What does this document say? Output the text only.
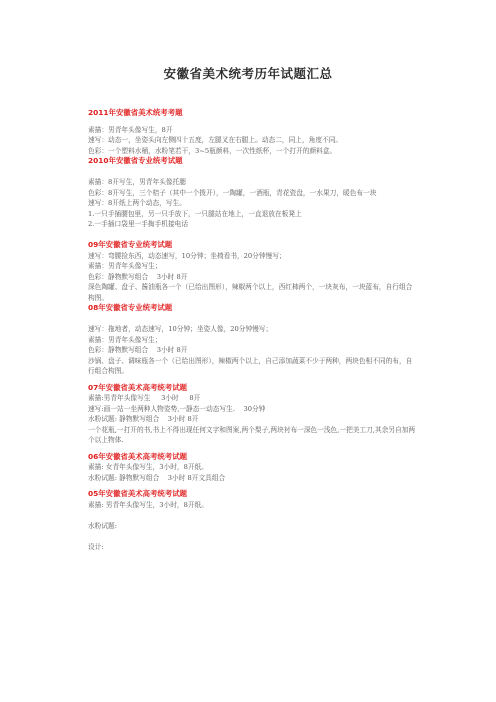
安徽省美术统考历年试题汇总
2011年安徽省美术统考考题
素描：男青年头像写生，8开
速写：动态一，坐姿头向左侧四十五度，左腿叉在右腿上。动态二，同上，角度不同。
色彩：一个塑料水桶，水粉笔若干，3~5瓶颜料，一次性纸杯，一个打开的颜料盒。
2010年安徽省专业统考试题
素描：8开写生，男青年头像托腮
色彩：8开写生，三个桔子（其中一个拨开），一陶罐，一酒瓶，青花瓷盘，一水果刀，暖色布一块
速写：8开纸上两个动态，写生。
1.一只手插腰包里，另一只手放下，一只腿站在地上，一直退放在板凳上
2.一手插口袋里一手掏手机接电话
09年安徽省专业统考试题
速写：弯腰捡东西，动态速写，10分钟；坐椅看书，20分钟慢写；
素描：男青年头像写生；
色彩：静物默写组合    3小时 8开
深色陶罐、盘子、酱油瓶各一个（已给出图形），辣椒两个以上，西红柿两个，一块灰布，一块蓝布，自行组合构图。
08年安徽省专业统考试题
速写：拖地者，动态速写，10分钟；坐姿人像，20分钟慢写；
素描：男青年头像写生；
色彩：静物默写组合    3小时 8开
沙锅、盘子、调味瓶各一个（已给出图形），辣椒两个以上，自己添加蔬菜不少于两种，两块色相不同的布，自行组合构图。
07年安徽省美术高考统考试题
素描:男青年头像写生     3小时     8开
速写:画一站一坐两种人物姿势,一静态一动态写生.    30分钟
水粉试题: 静物默写组合    3小时 8开
一个花瓶,一打开的书,书上不得出现任何文字和图案,两个梨子,两块衬布一深色一浅色,一把美工刀,其余另自加两个以上物体.
06年安徽省美术高考统考试题
素描: 女青年头像写生，3小时，8开纸。
水粉试题: 静物默写组合    3小时 8开文具组合
05年安徽省美术高考统考试题
素描: 男青年头像写生，3小时，8开纸。
水粉试题:
设计:
